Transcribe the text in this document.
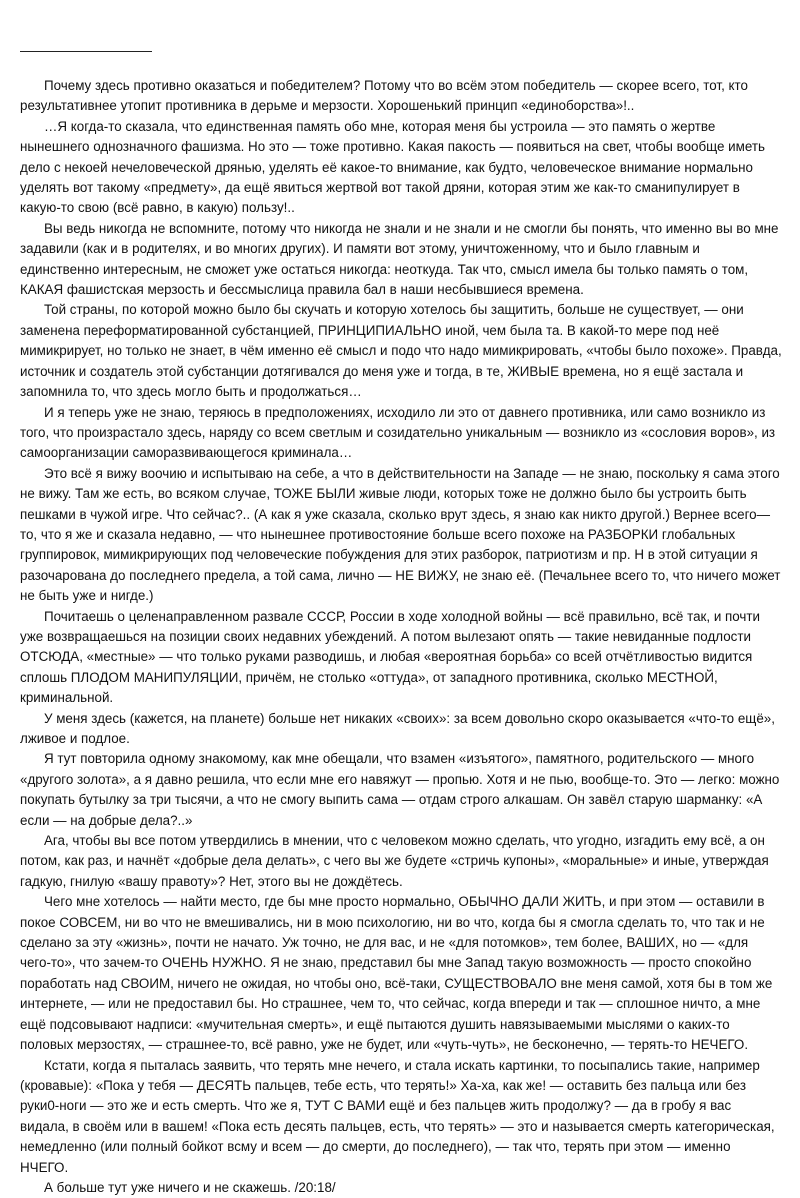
Почему здесь противно оказаться и победителем? Потому что во всём этом победитель — скорее всего, тот, кто результативнее утопит противника в дерьме и мерзости. Хорошенький принцип «единоборства»!..

…Я когда-то сказала, что единственная память обо мне, которая меня бы устроила — это память о жертве нынешнего однозначного фашизма. Но это — тоже противно. Какая пакость — появиться на свет, чтобы вообще иметь дело с некоей нечеловеческой дрянью, уделять её какое-то внимание, как будто, человеческое внимание нормально уделять вот такому «предмету», да ещё явиться жертвой вот такой дряни, которая этим же как-то сманипулирует в какую-то свою (всё равно, в какую) пользу!..

Вы ведь никогда не вспомните, потому что никогда не знали и не знали и не смогли бы понять, что именно вы во мне задавили (как и в родителях, и во многих других). И памяти вот этому, уничтоженному, что и было главным и единственно интересным, не сможет уже остаться никогда: неоткуда. Так что, смысл имела бы только память о том, КАКАЯ фашистская мерзость и бессмыслица правила бал в наши несбывшиеся времена.

Той страны, по которой можно было бы скучать и которую хотелось бы защитить, больше не существует, — они заменена переформатированной субстанцией, ПРИНЦИПИАЛЬНО иной, чем была та. В какой-то мере под неё мимикрирует, но только не знает, в чём именно её смысл и подо что надо мимикрировать, «чтобы было похоже». Правда, источник и создатель этой субстанции дотягивался до меня уже и тогда, в те, ЖИВЫЕ времена, но я ещё застала и запомнила то, что здесь могло быть и продолжаться…

И я теперь уже не знаю, теряюсь в предположениях, исходило ли это от давнего противника, или само возникло из того, что произрастало здесь, наряду со всем светлым и созидательно уникальным — возникло из «сословия воров», из самоорганизации саморазвивающегося криминала…

Это всё я вижу воочию и испытываю на себе, а что в действительности на Западе — не знаю, поскольку я сама этого не вижу. Там же есть, во всяком случае, ТОЖЕ БЫЛИ живые люди, которых тоже не должно было бы устроить быть пешками в чужой игре. Что сейчас?.. (А как я уже сказала, сколько врут здесь, я знаю как никто другой.) Вернее всего— то, что я же и сказала недавно, — что нынешнее противостояние больше всего похоже на РАЗБОРКИ глобальных группировок, мимикрирующих под человеческие побуждения для этих разборок, патриотизм и пр. Н в этой ситуации я разочарована до последнего предела, а той сама, лично — НЕ ВИЖУ, не знаю её. (Печальнее всего то, что ничего может не быть уже и нигде.)

Почитаешь о целенаправленном развале СССР, России в ходе холодной войны — всё правильно, всё так, и почти уже возвращаешься на позиции своих недавних убеждений. А потом вылезают опять — такие невиданные подлости ОТСЮДА, «местные» — что только руками разводишь, и любая «вероятная борьба» со всей отчётливостью видится сплошь ПЛОДОМ МАНИПУЛЯЦИИ, причём, не столько «оттуда», от западного противника, сколько МЕСТНОЙ, криминальной.

У меня здесь (кажется, на планете) больше нет никаких «своих»: за всем довольно скоро оказывается «что-то ещё», лживое и подлое.

Я тут повторила одному знакомому, как мне обещали, что взамен «изъятого», памятного, родительского — много «другого золота», а я давно решила, что если мне его навяжут — пропью. Хотя и не пью, вообще-то. Это — легко: можно покупать бутылку за три тысячи, а что не смогу выпить сама — отдам строго алкашам. Он завёл старую шарманку: «А если — на добрые дела?..»

Ага, чтобы вы все потом утвердились в мнении, что с человеком можно сделать, что угодно, изгадить ему всё, а он потом, как раз, и начнёт «добрые дела делать», с чего вы же будете «стричь купоны», «моральные» и иные, утверждая гадкую, гнилую «вашу правоту»? Нет, этого вы не дождётесь.

Чего мне хотелось — найти место, где бы мне просто нормально, ОБЫЧНО ДАЛИ ЖИТЬ, и при этом — оставили в покое СОВСЕМ, ни во что не вмешивались, ни в мою психологию, ни во что, когда бы я смогла сделать то, что так и не сделано за эту «жизнь», почти не начато. Уж точно, не для вас, и не «для потомков», тем более, ВАШИХ, но — «для чего-то», что зачем-то ОЧЕНЬ НУЖНО. Я не знаю, представил бы мне Запад такую возможность — просто спокойно поработать над СВОИМ, ничего не ожидая, но чтобы оно, всё-таки, СУЩЕСТВОВАЛО вне меня самой, хотя бы в том же интернете, — или не предоставил бы. Но страшнее, чем то, что сейчас, когда впереди и так — сплошное ничто, а мне ещё подсовывают надписи: «мучительная смерть», и ещё пытаются душить навязываемыми мыслями о каких-то половых мерзостях, — страшнее-то, всё равно, уже не будет, или «чуть-чуть», не бесконечно, — терять-то НЕЧЕГО.

Кстати, когда я пыталась заявить, что терять мне нечего, и стала искать картинки, то посыпались такие, например (кровавые): «Пока у тебя — ДЕСЯТЬ пальцев, тебе есть, что терять!» Ха-ха, как же! — оставить без пальца или без руки0-ноги — это же и есть смерть. Что же я, ТУТ С ВАМИ ещё и без пальцев жить продолжу? — да в гробу я вас видала, в своём или в вашем! «Пока есть десять пальцев, есть, что терять» — это и называется смерть категорическая, немедленно (или полный бойкот всму и всем — до смерти, до последнего), — так что, терять при этом — именно НЧЕГО.

А больше тут уже ничего и не скажешь. /20:18/
